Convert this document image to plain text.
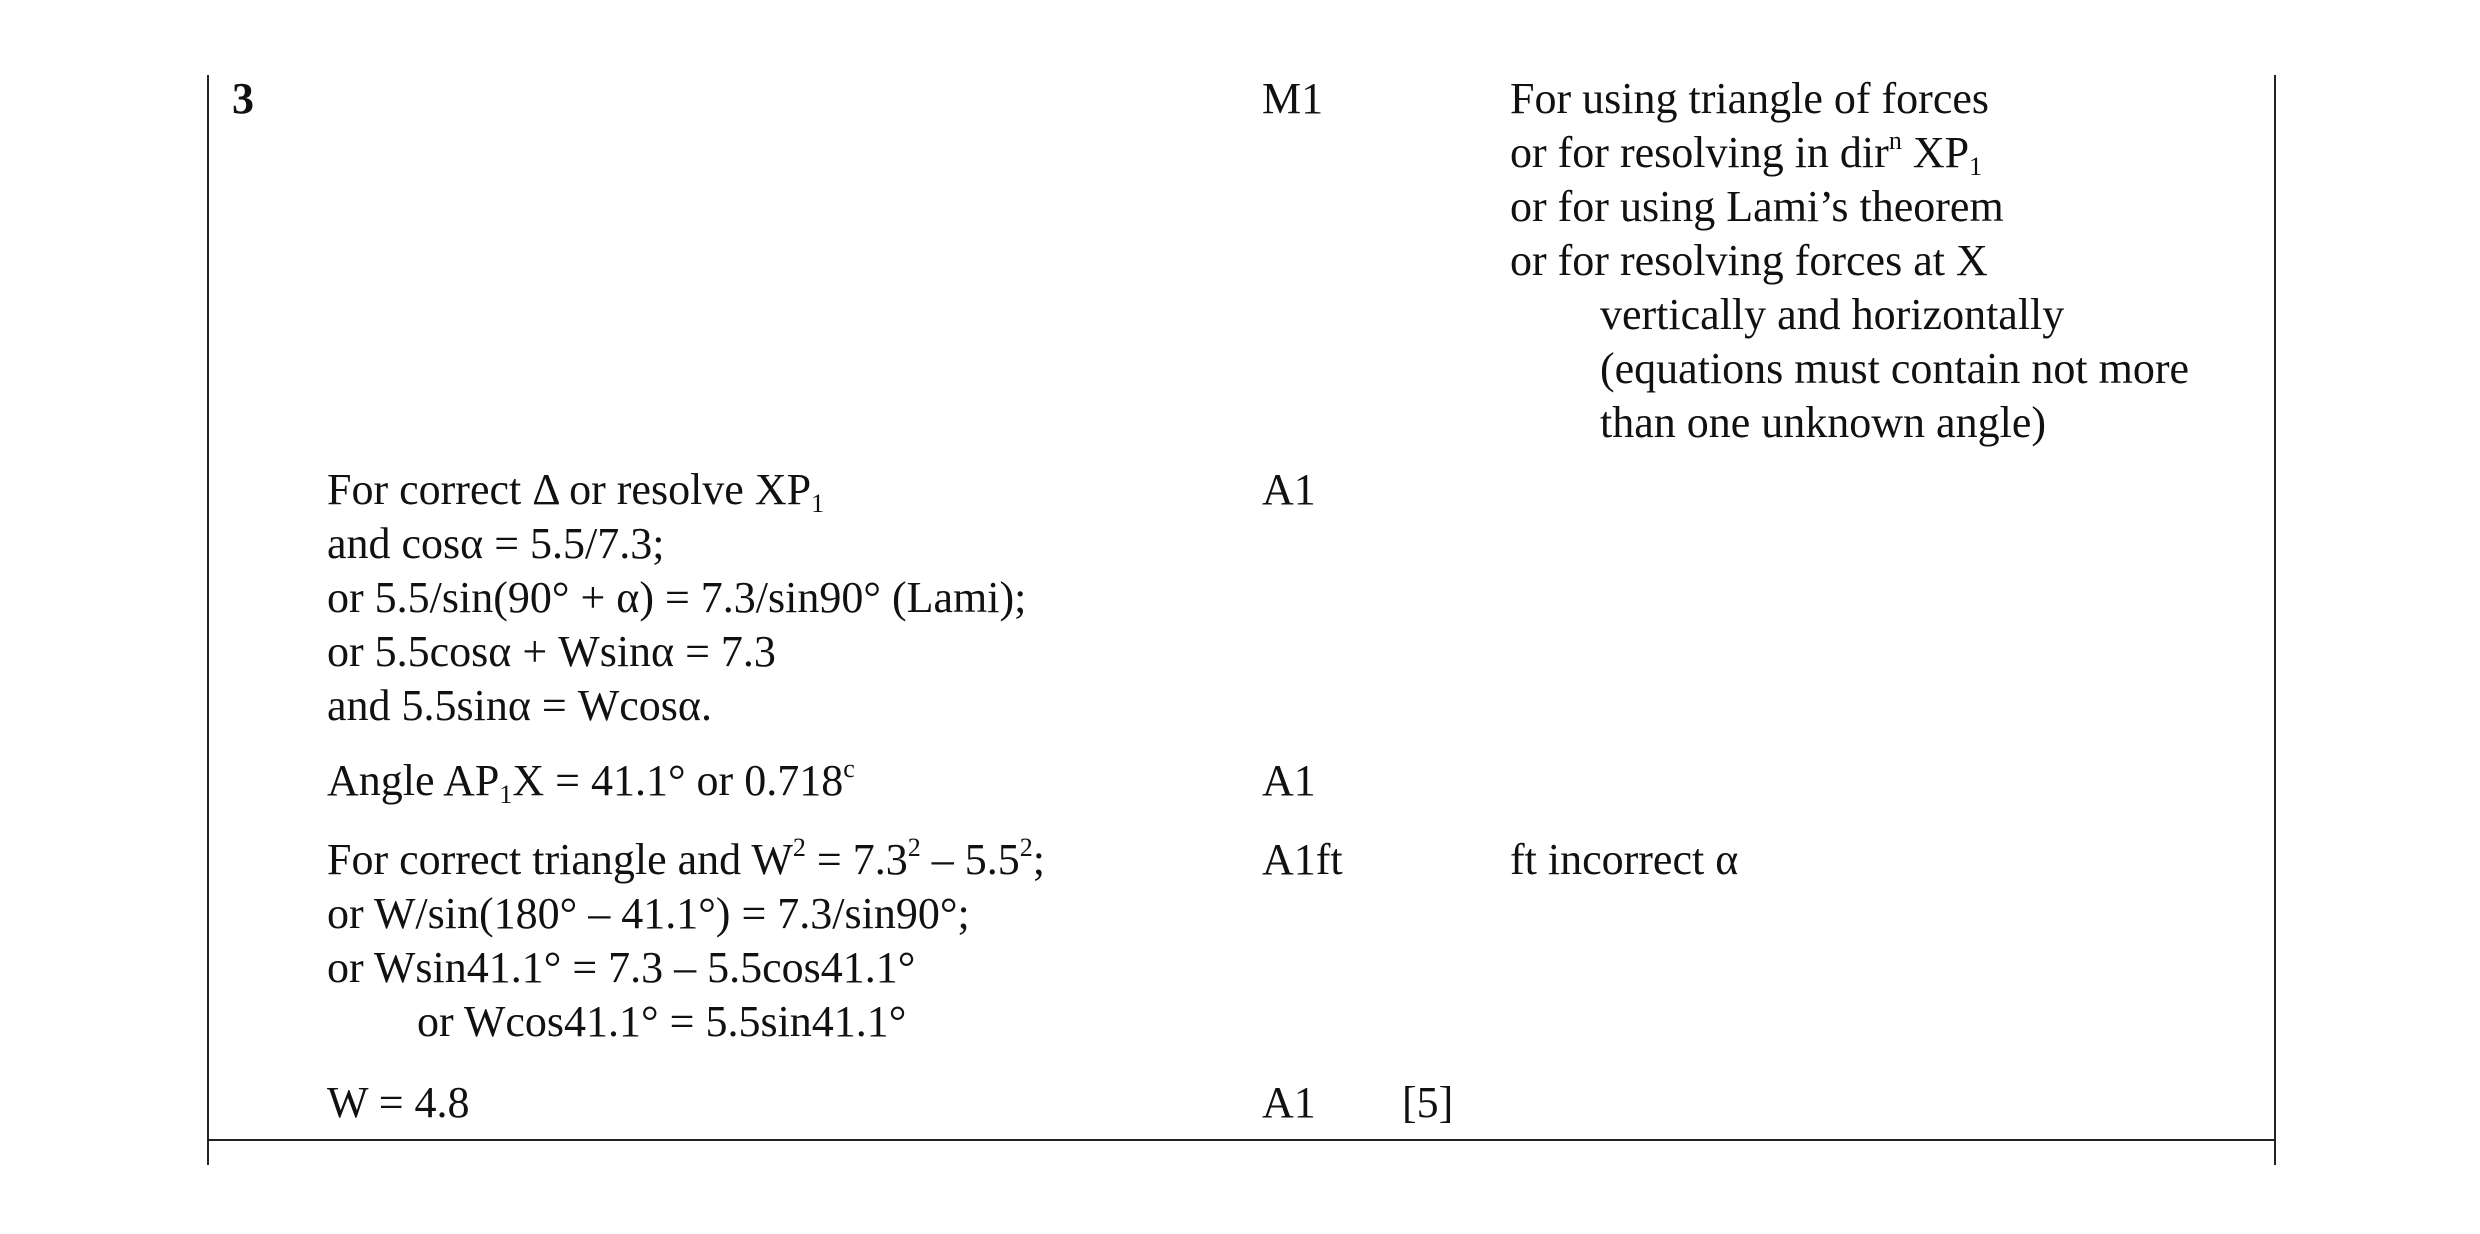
3	M1	For using triangle of forces
or for resolving in dir$^n$ $XP_1$
or for using Lami’s theorem
or for resolving forces at X
vertically and horizontally
(equations must contain not more
than one unknown angle)
For correct Δ or resolve $XP_1$
and cosα = 5.5/7.3;
or 5.5/sin(90° + α) = 7.3/sin90° (Lami);
or 5.5cosα + Wsinα = 7.3
and 5.5sinα = Wcosα.
A1
Angle $AP_1X = 41.1^\circ$ or 0.718$^c$	A1
For correct triangle and $W^2 = 7.3^2 - 5.5^2$;
or W/sin(180° – 41.1°) = 7.3/sin90°;
or Wsin41.1° = 7.3 – 5.5cos41.1°
or Wcos41.1° = 5.5sin41.1°
A1ft	ft incorrect α
W = 4.8	A1 [5]
